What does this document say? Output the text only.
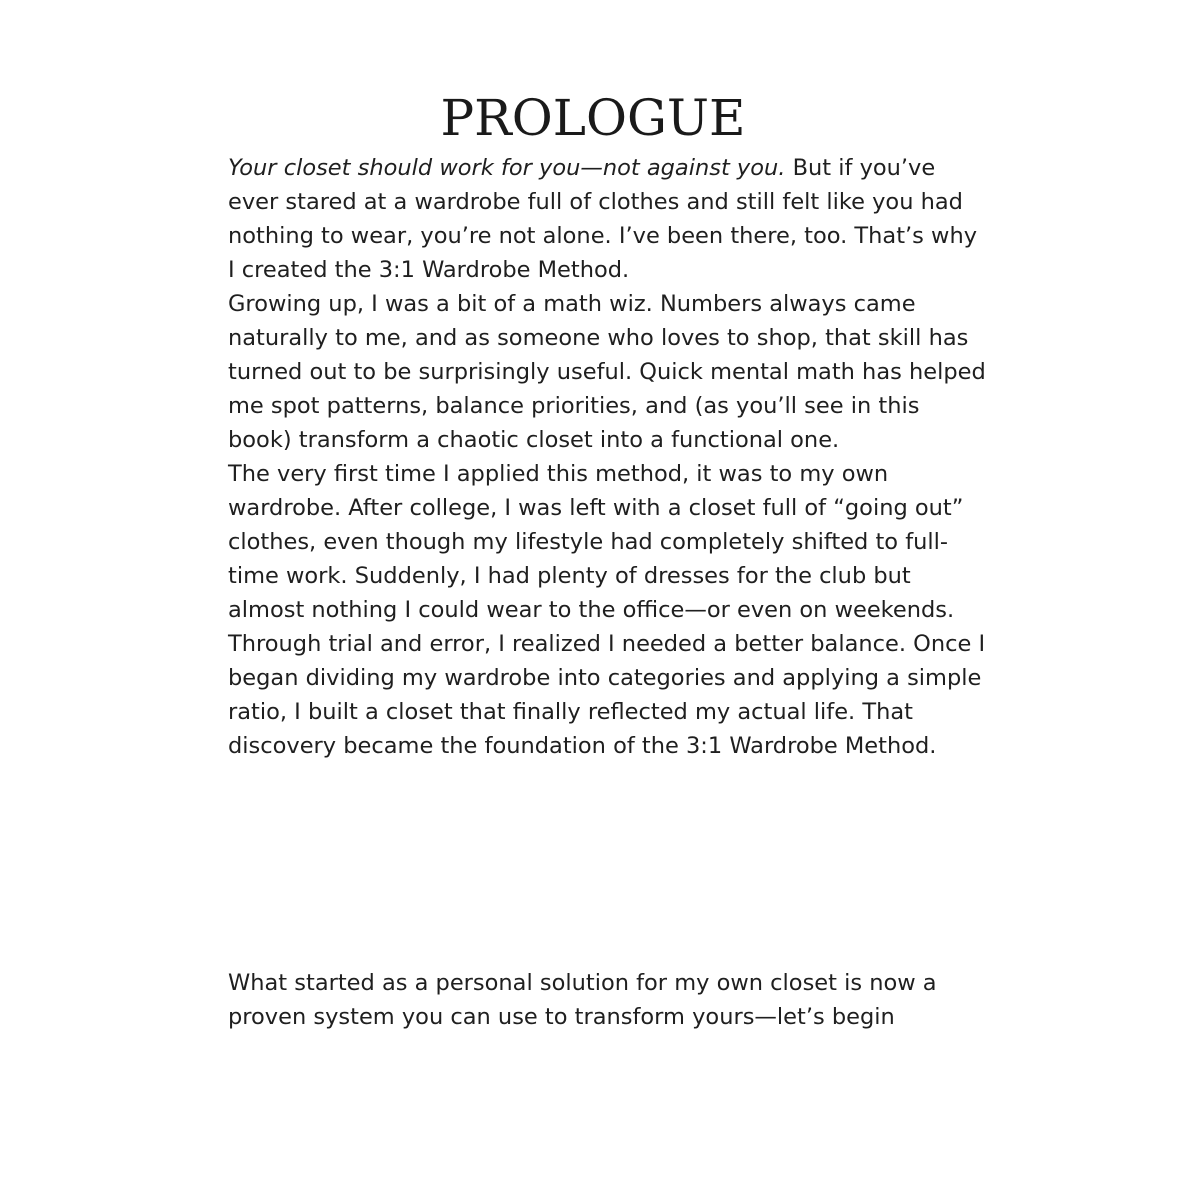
PROLOGUE

Your closet should work for you—not against you. But if you’ve ever stared at a wardrobe full of clothes and still felt like you had nothing to wear, you’re not alone. I’ve been there, too. That’s why I created the 3:1 Wardrobe Method.

Growing up, I was a bit of a math wiz. Numbers always came naturally to me, and as someone who loves to shop, that skill has turned out to be surprisingly useful. Quick mental math has helped me spot patterns, balance priorities, and (as you’ll see in this book) transform a chaotic closet into a functional one.

The very first time I applied this method, it was to my own wardrobe. After college, I was left with a closet full of “going out” clothes, even though my lifestyle had completely shifted to full-time work. Suddenly, I had plenty of dresses for the club but almost nothing I could wear to the office—or even on weekends.

Through trial and error, I realized I needed a better balance. Once I began dividing my wardrobe into categories and applying a simple ratio, I built a closet that finally reflected my actual life. That discovery became the foundation of the 3:1 Wardrobe Method.

What started as a personal solution for my own closet is now a proven system you can use to transform yours—let’s begin
